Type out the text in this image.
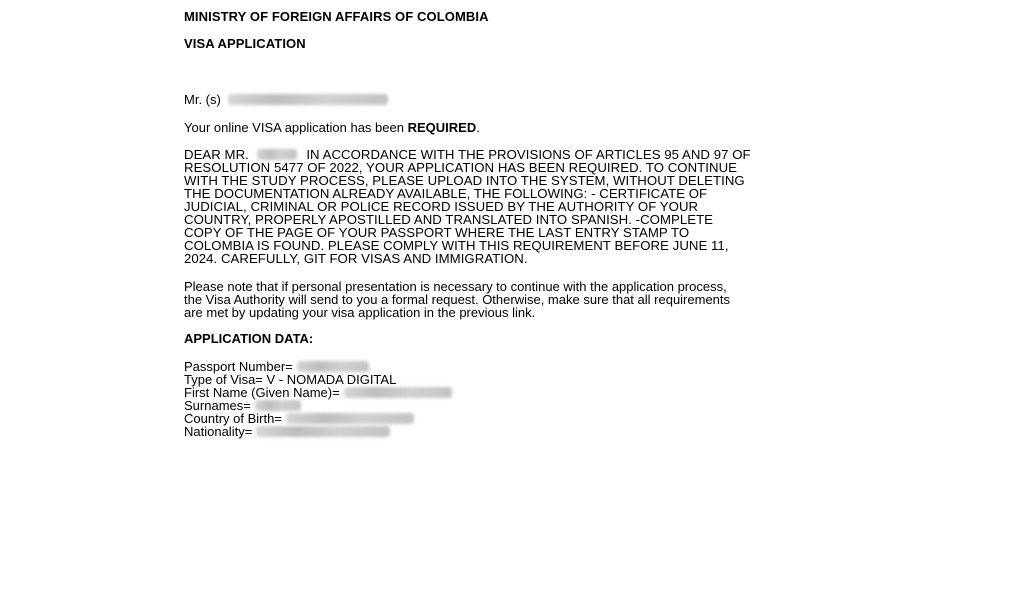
MINISTRY OF FOREIGN AFFAIRS OF COLOMBIA
VISA APPLICATION
Mr. (s)
Your online VISA application has been REQUIRED.
DEAR MR.	IN ACCORDANCE WITH THE PROVISIONS OF ARTICLES 95 AND 97 OF
RESOLUTION 5477 OF 2022, YOUR APPLICATION HAS BEEN REQUIRED. TO CONTINUE
WITH THE STUDY PROCESS, PLEASE UPLOAD INTO THE SYSTEM, WITHOUT DELETING
THE DOCUMENTATION ALREADY AVAILABLE, THE FOLLOWING: - CERTIFICATE OF
JUDICIAL, CRIMINAL OR POLICE RECORD ISSUED BY THE AUTHORITY OF YOUR
COUNTRY, PROPERLY APOSTILLED AND TRANSLATED INTO SPANISH. -COMPLETE
COPY OF THE PAGE OF YOUR PASSPORT WHERE THE LAST ENTRY STAMP TO
COLOMBIA IS FOUND. PLEASE COMPLY WITH THIS REQUIREMENT BEFORE JUNE 11,
2024. CAREFULLY, GIT FOR VISAS AND IMMIGRATION.
Please note that if personal presentation is necessary to continue with the application process,
the Visa Authority will send to you a formal request. Otherwise, make sure that all requirements
are met by updating your visa application in the previous link.
APPLICATION DATA:
Passport Number=
Type of Visa= V - NOMADA DIGITAL
First Name (Given Name)=
Surnames=
Country of Birth=
Nationality=
